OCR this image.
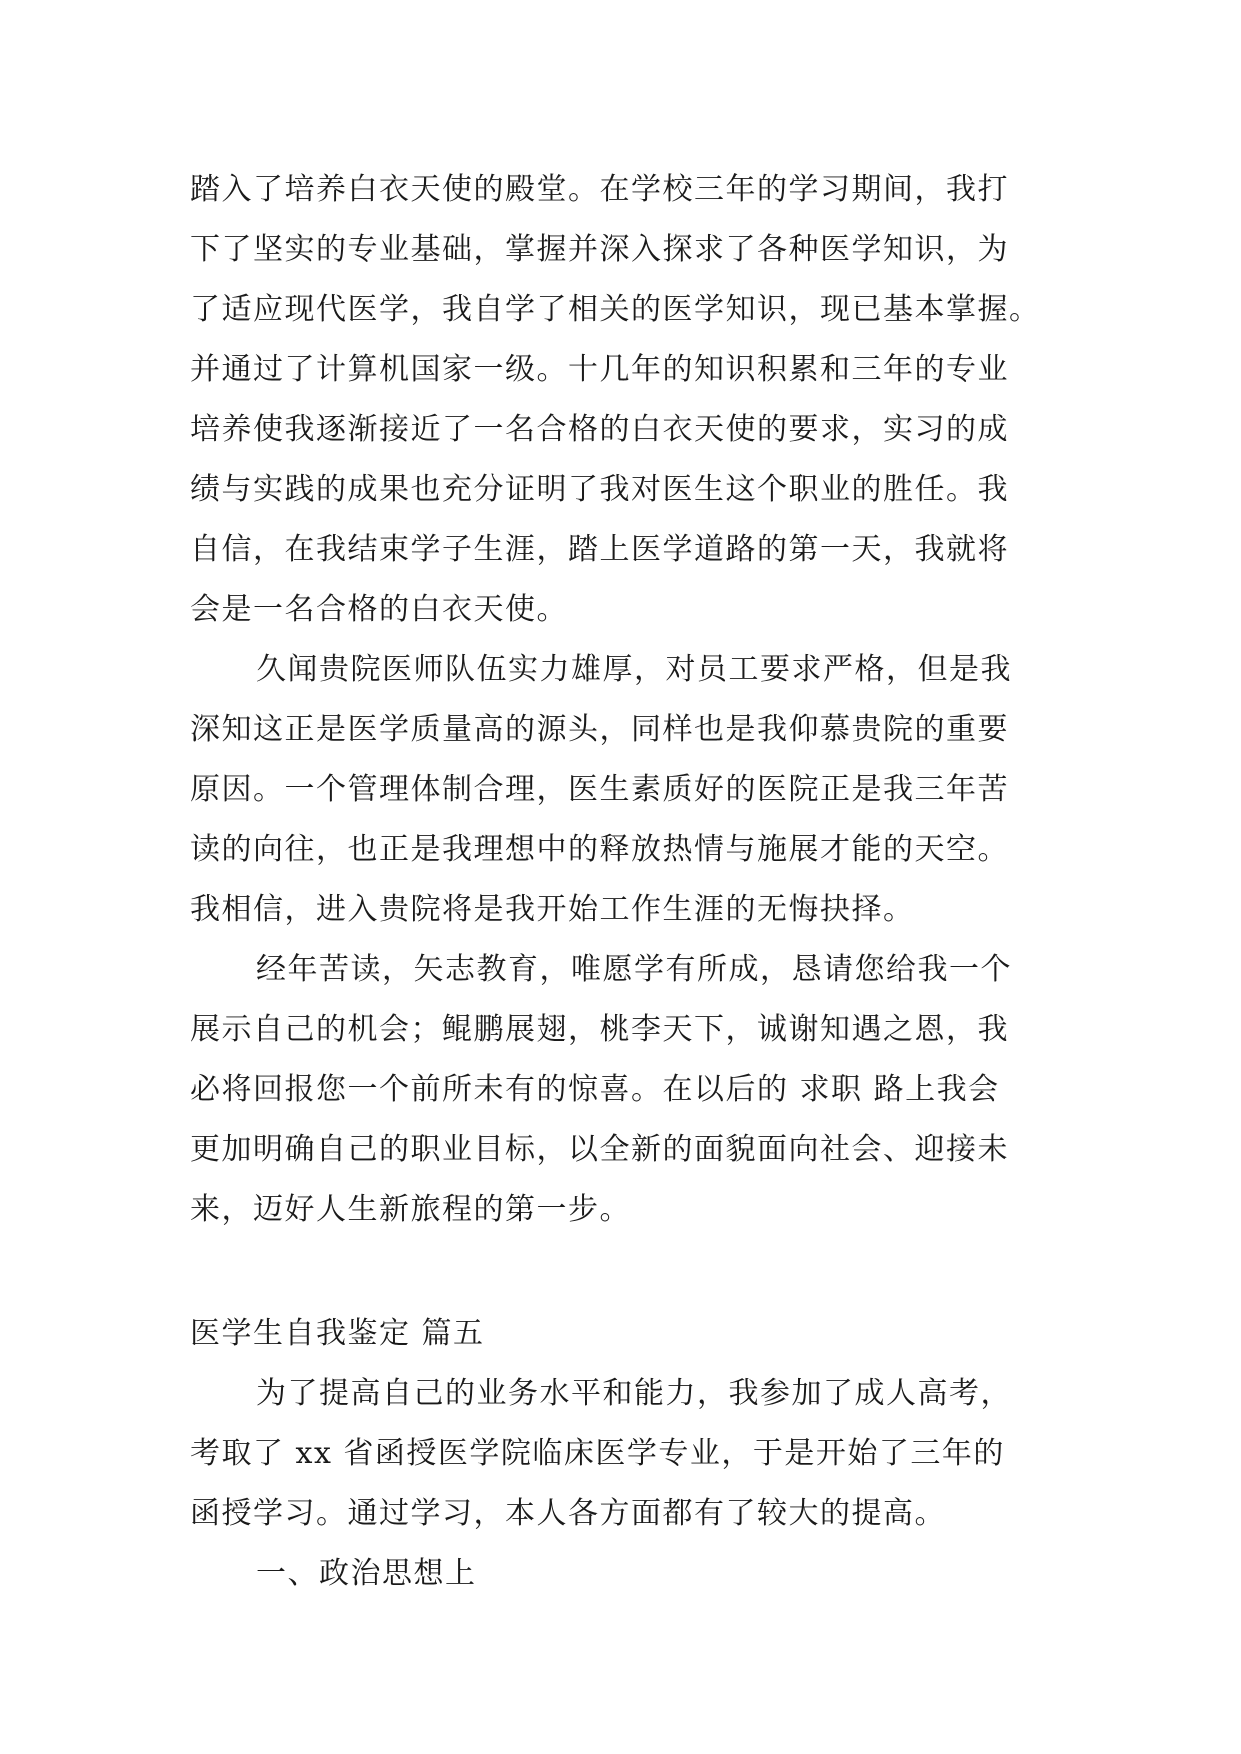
踏入了培养白衣天使的殿堂。在学校三年的学习期间，我打
下了坚实的专业基础，掌握并深入探求了各种医学知识，为
了适应现代医学，我自学了相关的医学知识，现已基本掌握。
并通过了计算机国家一级。十几年的知识积累和三年的专业
培养使我逐渐接近了一名合格的白衣天使的要求，实习的成
绩与实践的成果也充分证明了我对医生这个职业的胜任。我
自信，在我结束学子生涯，踏上医学道路的第一天，我就将
会是一名合格的白衣天使。
久闻贵院医师队伍实力雄厚，对员工要求严格，但是我
深知这正是医学质量高的源头，同样也是我仰慕贵院的重要
原因。一个管理体制合理，医生素质好的医院正是我三年苦
读的向往，也正是我理想中的释放热情与施展才能的天空。
我相信，进入贵院将是我开始工作生涯的无悔抉择。
经年苦读，矢志教育，唯愿学有所成，恳请您给我一个
展示自己的机会；鲲鹏展翅，桃李天下，诚谢知遇之恩，我
必将回报您一个前所未有的惊喜。在以后的 求职 路上我会
更加明确自己的职业目标，以全新的面貌面向社会、迎接未
来，迈好人生新旅程的第一步。
医学生自我鉴定 篇五
为了提高自己的业务水平和能力，我参加了成人高考，
考取了 xx 省函授医学院临床医学专业，于是开始了三年的
函授学习。通过学习，本人各方面都有了较大的提高。
一、政治思想上
